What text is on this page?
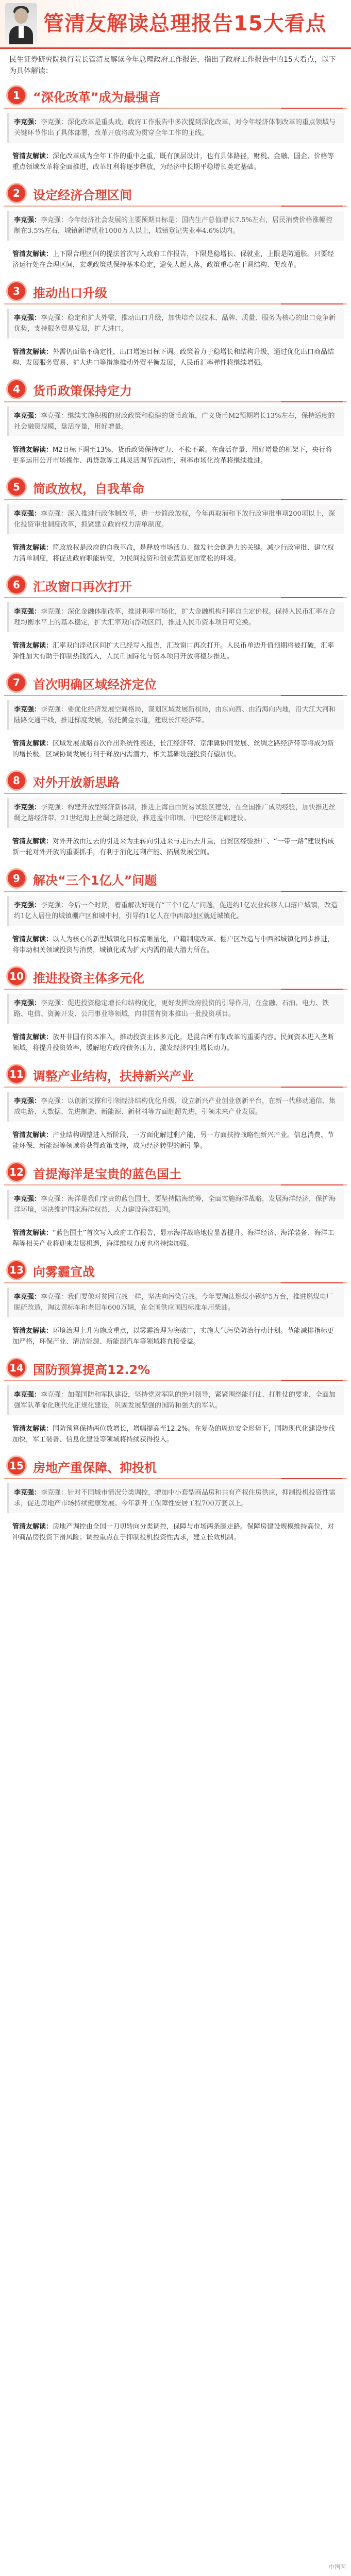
管清友解读总理报告15大看点
民生证券研究院执行院长管清友解读今年总理政府工作报告，指出了政府工作报告中的15大看点，以下为具体解读：
1	“深化改革”成为最强音
李克强：李克强：深化改革是重头戏，政府工作报告中多次提到深化改革，对今年经济体制改革的重点领域与关键环节作出了具体部署，改革开放将成为贯穿全年工作的主线。
管清友解读：深化改革成为全年工作的重中之重，既有顶层设计，也有具体路径，财税、金融、国企、价格等重点领域改革将全面推进，改革红利将逐步释放，为经济中长期平稳增长奠定基础。
2	设定经济合理区间
李克强：李克强：今年经济社会发展的主要预期目标是：国内生产总值增长7.5%左右，居民消费价格涨幅控制在3.5%左右，城镇新增就业1000万人以上，城镇登记失业率4.6%以内。
管清友解读：上下限合理区间的提法首次写入政府工作报告，下限是稳增长、保就业，上限是防通胀。只要经济运行处在合理区间，宏观政策就保持基本稳定，避免大起大落，政策重心在于调结构、促改革。
3	推动出口升级
李克强：李克强：稳定和扩大外需，推动出口升级，加快培育以技术、品牌、质量、服务为核心的出口竞争新优势，支持服务贸易发展，扩大进口。
管清友解读：外需仍面临不确定性，出口增速目标下调。政策着力于稳增长和结构升级，通过优化出口商品结构、发展服务贸易、扩大进口等措施推动外贸平衡发展，人民币汇率弹性将继续增强。
4	货币政策保持定力
李克强：李克强：继续实施积极的财政政策和稳健的货币政策，广义货币M2预期增长13%左右，保持适度的社会融资规模，盘活存量，用好增量。
管清友解读：M2目标下调至13%，货币政策保持定力、不松不紧。在盘活存量、用好增量的框架下，央行将更多运用公开市场操作、再贷款等工具灵活调节流动性，利率市场化改革将继续推进。
5	简政放权，自我革命
李克强：李克强：深入推进行政体制改革，进一步简政放权，今年再取消和下放行政审批事项200项以上，深化投资审批制度改革，抓紧建立政府权力清单制度。
管清友解读：简政放权是政府的自我革命，是释放市场活力、激发社会创造力的关键。减少行政审批、建立权力清单制度，将促进政府职能转变，为民间投资和创业营造更加宽松的环境。
6	汇改窗口再次打开
李克强：李克强：深化金融体制改革，推进利率市场化，扩大金融机构利率自主定价权。保持人民币汇率在合理均衡水平上的基本稳定，扩大汇率双向浮动区间，推进人民币资本项目可兑换。
管清友解读：汇率双向浮动区间扩大已经写入报告，汇改窗口再次打开。人民币单边升值预期将被打破，汇率弹性加大有助于抑制热钱流入，人民币国际化与资本项目开放将稳步推进。
7	首次明确区域经济定位
李克强：李克强：要优化经济发展空间格局，谋划区域发展新棋局，由东向西、由沿海向内地，沿大江大河和陆路交通干线，推进梯度发展，依托黄金水道，建设长江经济带。
管清友解读：区域发展战略首次作出系统性表述，长江经济带、京津冀协同发展、丝绸之路经济带等将成为新的增长极。区域协调发展有利于释放内需潜力，相关基础设施投资有望加快。
8	对外开放新思路
李克强：李克强：构建开放型经济新体制，推进上海自由贸易试验区建设，在全国推广成功经验，加快推进丝绸之路经济带、21世纪海上丝绸之路建设，推进孟中印缅、中巴经济走廊建设。
管清友解读：对外开放由过去的引进来为主转向引进来与走出去并重，自贸区经验推广、“一带一路”建设构成新一轮对外开放的重要抓手，有利于消化过剩产能、拓展发展空间。
9	解决“三个1亿人”问题
李克强：李克强：今后一个时期，着重解决好现有“三个1亿人”问题，促进约1亿农业转移人口落户城镇，改造约1亿人居住的城镇棚户区和城中村，引导约1亿人在中西部地区就近城镇化。
管清友解读：以人为核心的新型城镇化目标清晰量化，户籍制度改革、棚户区改造与中西部城镇化同步推进，将带动相关领域投资与消费，城镇化成为扩大内需的最大潜力所在。
10 推进投资主体多元化
李克强：李克强：促进投资稳定增长和结构优化，更好发挥政府投资的引导作用，在金融、石油、电力、铁路、电信、资源开发、公用事业等领域，向非国有资本推出一批投资项目。
管清友解读：放开非国有资本准入，推动投资主体多元化，是混合所有制改革的重要内容。民间资本进入垄断领域，将提升投资效率，缓解地方政府债务压力，激发经济内生增长动力。
11 调整产业结构，扶持新兴产业
李克强：李克强：以创新支撑和引领经济结构优化升级，设立新兴产业创业创新平台，在新一代移动通信、集成电路、大数据、先进制造、新能源、新材料等方面赶超先进，引领未来产业发展。
管清友解读：产业结构调整进入新阶段，一方面化解过剩产能，另一方面扶持战略性新兴产业。信息消费、节能环保、新能源等领域将获得政策支持，成为经济转型的新引擎。
12 首提海洋是宝贵的蓝色国土
李克强：李克强：海洋是我们宝贵的蓝色国土，要坚持陆海统筹，全面实施海洋战略，发展海洋经济，保护海洋环境，坚决维护国家海洋权益，大力建设海洋强国。
管清友解读：“蓝色国土”首次写入政府工作报告，显示海洋战略地位显著提升。海洋经济、海洋装备、海洋工程等相关产业将迎来发展机遇，海洋维权力度也将持续加强。
13 向雾霾宣战
李克强：李克强：我们要像对贫困宣战一样，坚决向污染宣战。今年要淘汰燃煤小锅炉5万台，推进燃煤电厂脱硫改造，淘汰黄标车和老旧车600万辆，在全国供应国四标准车用柴油。
管清友解读：环境治理上升为施政重点，以雾霾治理为突破口，实施大气污染防治行动计划。节能减排指标更加严格，环保产业、清洁能源、新能源汽车等领域将直接受益。
14 国防预算提高12.2%
李克强：李克强：加强国防和军队建设，坚持党对军队的绝对领导，紧紧围绕能打仗、打胜仗的要求，全面加强军队革命化现代化正规化建设，巩固发展坚强的国防和强大的军队。
管清友解读：国防预算保持两位数增长，增幅提高至12.2%。在复杂的周边安全形势下，国防现代化建设步伐加快，军工装备、信息化建设等领域将持续获得投入。
15 房地产重保障、抑投机
李克强：李克强：针对不同城市情况分类调控，增加中小套型商品房和共有产权住房供应，抑制投机投资性需求，促进房地产市场持续健康发展。今年新开工保障性安居工程700万套以上。
管清友解读：房地产调控由全国一刀切转向分类调控，保障与市场两条腿走路。保障房建设规模维持高位，对冲商品房投资下滑风险；调控重点在于抑制投机投资性需求，建立长效机制。
中国网
